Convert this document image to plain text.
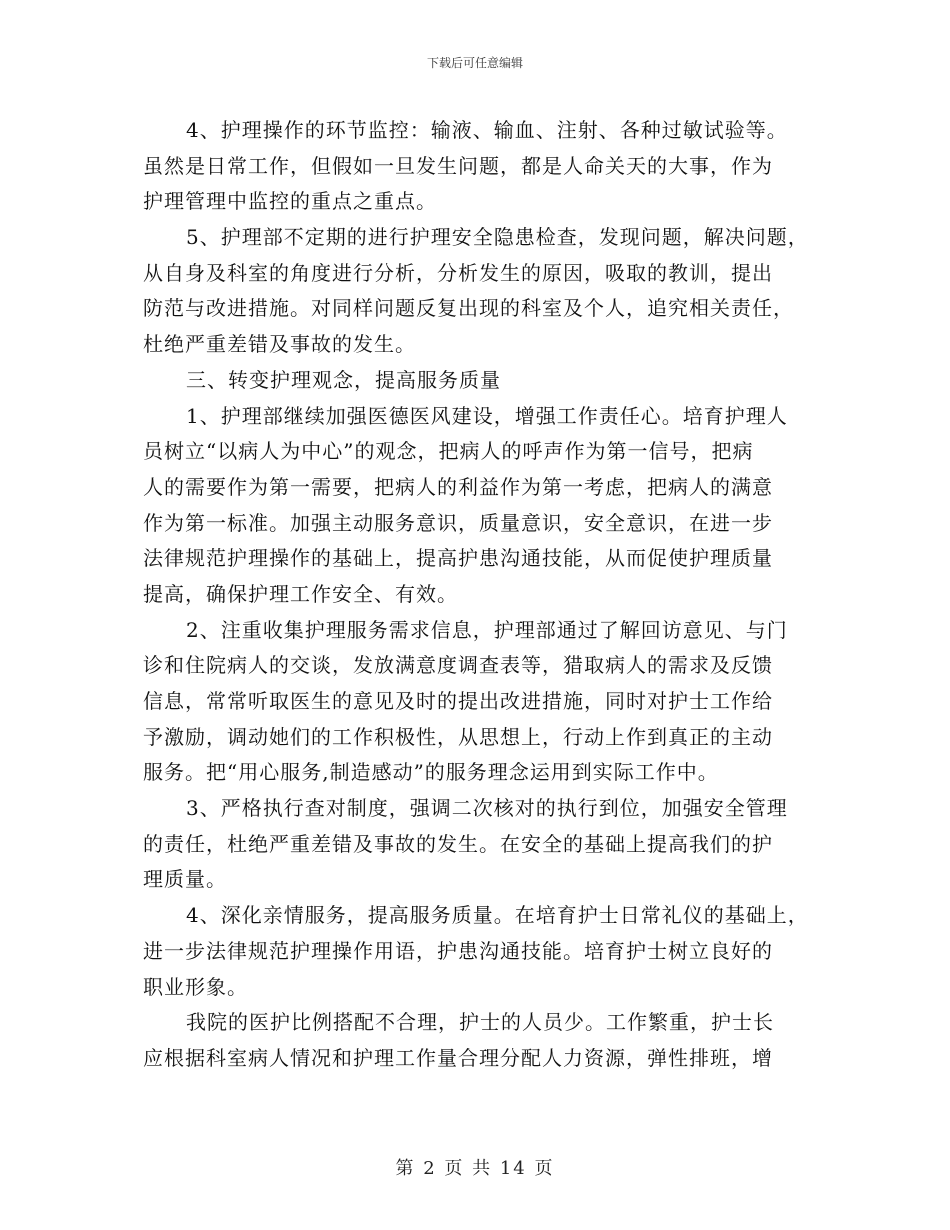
下载后可任意编辑
4、护理操作的环节监控：输液、输血、注射、各种过敏试验等。
虽然是日常工作，但假如一旦发生问题，都是人命关天的大事，作为
护理管理中监控的重点之重点。
5、护理部不定期的进行护理安全隐患检查，发现问题，解决问题，
从自身及科室的角度进行分析，分析发生的原因，吸取的教训，提出
防范与改进措施。对同样问题反复出现的科室及个人，追究相关责任，
杜绝严重差错及事故的发生。
三、转变护理观念，提高服务质量
1、护理部继续加强医德医风建设，增强工作责任心。培育护理人
员树立“以病人为中心”的观念，把病人的呼声作为第一信号，把病
人的需要作为第一需要，把病人的利益作为第一考虑，把病人的满意
作为第一标准。加强主动服务意识，质量意识，安全意识，在进一步
法律规范护理操作的基础上，提高护患沟通技能，从而促使护理质量
提高，确保护理工作安全、有效。
2、注重收集护理服务需求信息，护理部通过了解回访意见、与门
诊和住院病人的交谈，发放满意度调查表等，猎取病人的需求及反馈
信息，常常听取医生的意见及时的提出改进措施，同时对护士工作给
予激励，调动她们的工作积极性，从思想上，行动上作到真正的主动
服务。把“用心服务,制造感动”的服务理念运用到实际工作中。
3、严格执行查对制度，强调二次核对的执行到位，加强安全管理
的责任，杜绝严重差错及事故的发生。在安全的基础上提高我们的护
理质量。
4、深化亲情服务，提高服务质量。在培育护士日常礼仪的基础上，
进一步法律规范护理操作用语，护患沟通技能。培育护士树立良好的
职业形象。
我院的医护比例搭配不合理，护士的人员少。工作繁重，护士长
应根据科室病人情况和护理工作量合理分配人力资源，弹性排班，增
第 2 页 共 14 页
